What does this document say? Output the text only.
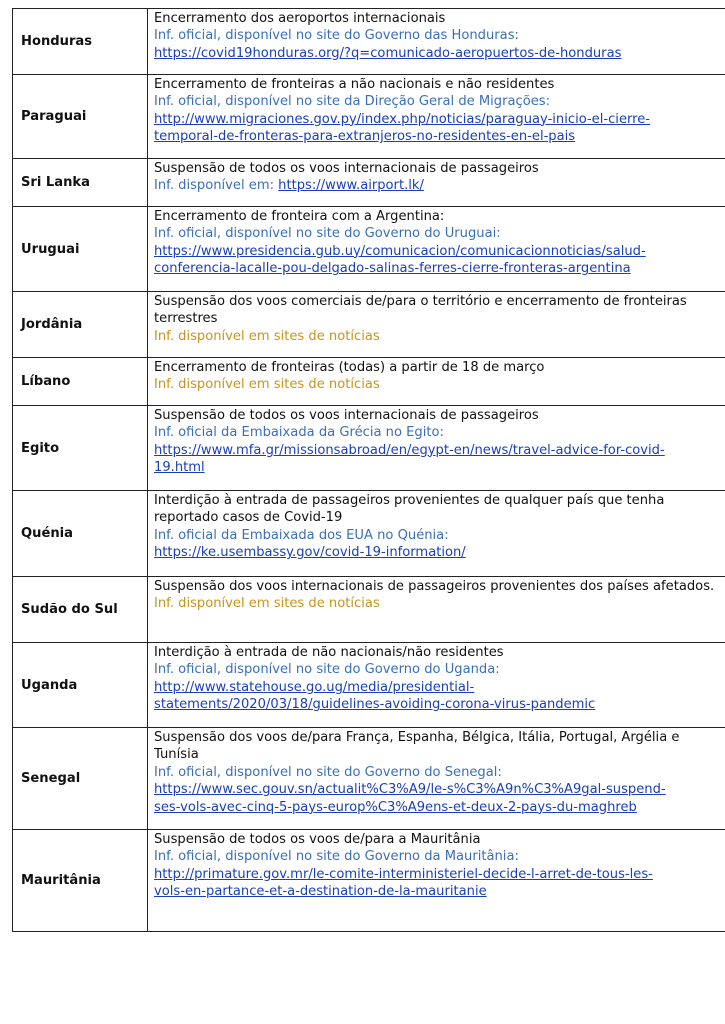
Honduras	Encerramento dos aeroportos internacionais
Inf. oficial, disponível no site do Governo das Honduras:
https://covid19honduras.org/?q=comunicado-aeropuertos-de-honduras

Paraguai	Encerramento de fronteiras a não nacionais e não residentes
Inf. oficial, disponível no site da Direção Geral de Migrações:
http://www.migraciones.gov.py/index.php/noticias/paraguay-inicio-el-cierre-
temporal-de-fronteras-para-extranjeros-no-residentes-en-el-pais

Sri Lanka	Suspensão de todos os voos internacionais de passageiros
Inf. disponível em: https://www.airport.lk/

Uruguai	Encerramento de fronteira com a Argentina:
Inf. oficial, disponível no site do Governo do Uruguai:
https://www.presidencia.gub.uy/comunicacion/comunicacionnoticias/salud-
conferencia-lacalle-pou-delgado-salinas-ferres-cierre-fronteras-argentina

Jordânia	Suspensão dos voos comerciais de/para o território e encerramento de fronteiras terrestres
Inf. disponível em sites de notícias

Líbano	Encerramento de fronteiras (todas) a partir de 18 de março
Inf. disponível em sites de notícias

Egito	Suspensão de todos os voos internacionais de passageiros
Inf. oficial da Embaixada da Grécia no Egito:
https://www.mfa.gr/missionsabroad/en/egypt-en/news/travel-advice-for-covid-
19.html

Quénia	Interdição à entrada de passageiros provenientes de qualquer país que tenha reportado casos de Covid-19
Inf. oficial da Embaixada dos EUA no Quénia:
https://ke.usembassy.gov/covid-19-information/

Sudão do Sul	Suspensão dos voos internacionais de passageiros provenientes dos países afetados.
Inf. disponível em sites de notícias

Uganda	Interdição à entrada de não nacionais/não residentes
Inf. oficial, disponível no site do Governo do Uganda:
http://www.statehouse.go.ug/media/presidential-
statements/2020/03/18/guidelines-avoiding-corona-virus-pandemic

Senegal	Suspensão dos voos de/para França, Espanha, Bélgica, Itália, Portugal, Argélia e Tunísia
Inf. oficial, disponível no site do Governo do Senegal:
https://www.sec.gouv.sn/actualit%C3%A9/le-s%C3%A9n%C3%A9gal-suspend-
ses-vols-avec-cinq-5-pays-europ%C3%A9ens-et-deux-2-pays-du-maghreb

Mauritânia	Suspensão de todos os voos de/para a Mauritânia
Inf. oficial, disponível no site do Governo da Mauritânia:
http://primature.gov.mr/le-comite-interministeriel-decide-l-arret-de-tous-les-
vols-en-partance-et-a-destination-de-la-mauritanie
